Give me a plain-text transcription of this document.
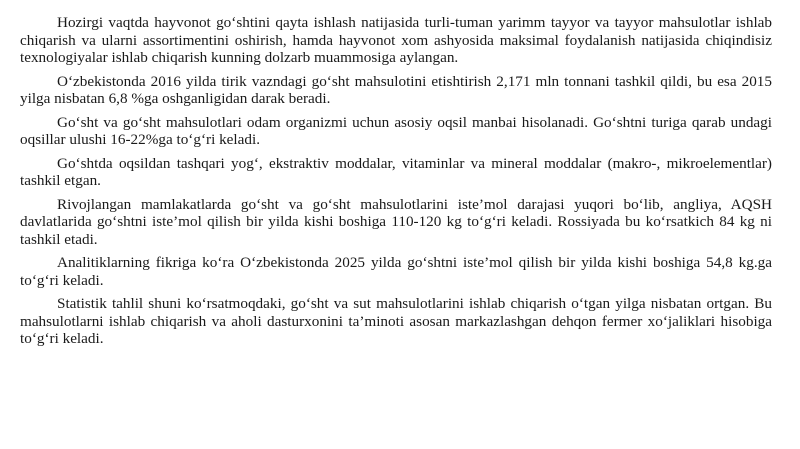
Hozirgi vaqtda hayvonot go‘shtini qayta ishlash natijasida turli-tuman yarimm tayyor va tayyor mahsulotlar ishlab chiqarish va ularni assortimentini oshirish, hamda hayvonot xom ashyosida maksimal foydalanish natijasida chiqindisiz texnologiyalar ishlab chiqarish kunning dolzarb muammosiga aylangan.

O‘zbekistonda 2016 yilda tirik vazndagi go‘sht mahsulotini etishtirish 2,171 mln tonnani tashkil qildi, bu esa 2015 yilga nisbatan 6,8 %ga oshganligidan darak beradi.

Go‘sht va go‘sht mahsulotlari odam organizmi uchun asosiy oqsil manbai hisolanadi. Go‘shtni turiga qarab undagi oqsillar ulushi 16-22%ga to‘g‘ri keladi.

Go‘shtda oqsildan tashqari yog‘, ekstraktiv moddalar, vitaminlar va mineral moddalar (makro-, mikroelementlar) tashkil etgan.

Rivojlangan mamlakatlarda go‘sht va go‘sht mahsulotlarini iste’mol darajasi yuqori bo‘lib, angliya, AQSH davlatlarida go‘shtni iste’mol qilish bir yilda kishi boshiga 110-120 kg to‘g‘ri keladi. Rossiyada bu ko‘rsatkich 84 kg ni tashkil etadi.

Analitiklarning fikriga ko‘ra O‘zbekistonda 2025 yilda go‘shtni iste’mol qilish bir yilda kishi boshiga 54,8 kg.ga to‘g‘ri keladi.

Statistik tahlil shuni ko‘rsatmoqdaki, go‘sht va sut mahsulotlarini ishlab chiqarish o‘tgan yilga nisbatan ortgan. Bu mahsulotlarni ishlab chiqarish va aholi dasturxonini ta’minoti asosan markazlashgan dehqon fermer xo‘jaliklari hisobiga to‘g‘ri keladi.
